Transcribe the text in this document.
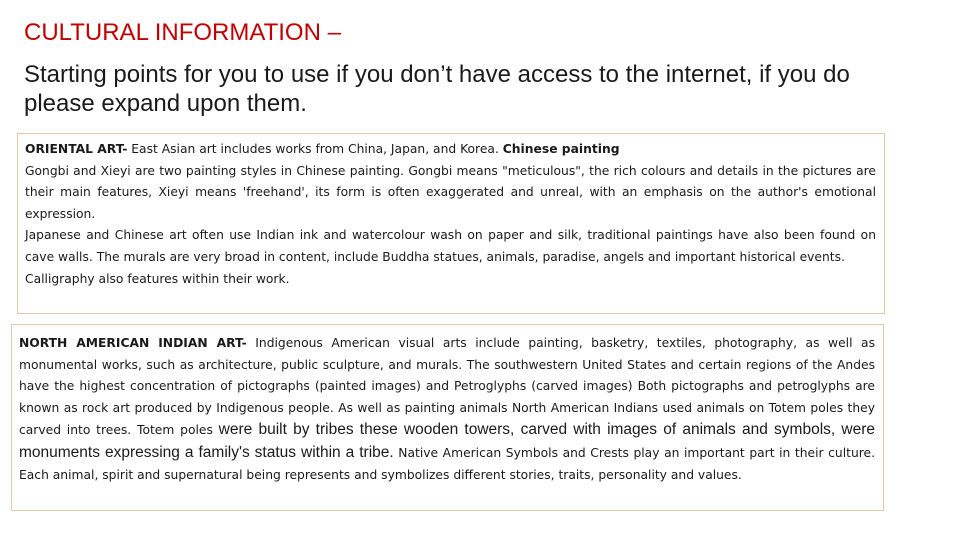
CULTURAL INFORMATION –
Starting points for you to use if you don’t have access to the internet, if you do please expand upon them.

ORIENTAL ART- East Asian art includes works from China, Japan, and Korea. Chinese painting

Gongbi and Xieyi are two painting styles in Chinese painting. Gongbi means "meticulous", the rich colours and details in the pictures are their main features, Xieyi means 'freehand', its form is often exaggerated and unreal, with an emphasis on the author's emotional expression.

Japanese and Chinese art often use Indian ink and watercolour wash on paper and silk, traditional paintings have also been found on cave walls. The murals are very broad in content, include Buddha statues, animals, paradise, angels and important historical events.

Calligraphy also features within their work.

NORTH AMERICAN INDIAN ART- Indigenous American visual arts include painting, basketry, textiles, photography, as well as monumental works, such as architecture, public sculpture, and murals. The southwestern United States and certain regions of the Andes have the highest concentration of pictographs (painted images) and Petroglyphs (carved images) Both pictographs and petroglyphs are known as rock art produced by Indigenous people. As well as painting animals North American Indians used animals on Totem poles they carved into trees. Totem poles were built by tribes these wooden towers, carved with images of animals and symbols, were monuments expressing a family's status within a tribe. Native American Symbols and Crests play an important part in their culture. Each animal, spirit and supernatural being represents and symbolizes different stories, traits, personality and values.
